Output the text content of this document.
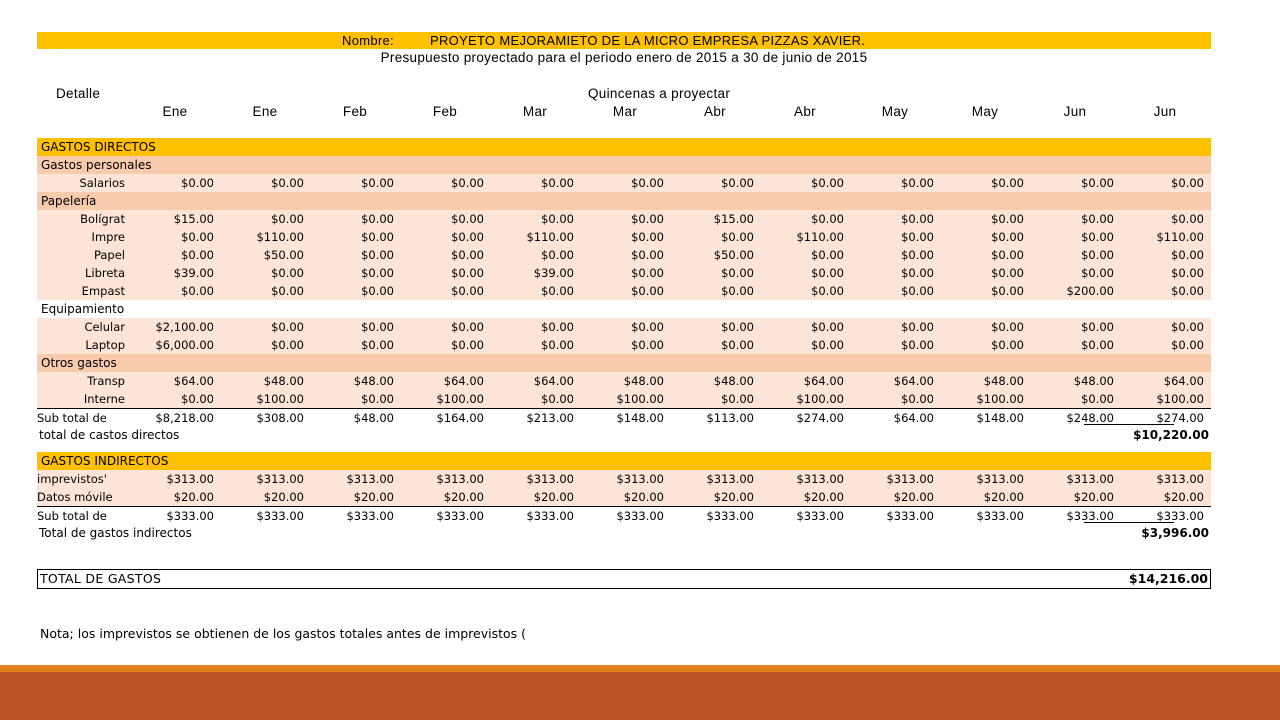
Nombre:	PROYETO MEJORAMIETO DE LA MICRO EMPRESA PIZZAS XAVIER.
Presupuesto proyectado para el periodo enero de 2015 a 30 de junio de 2015
Detalle	Quincenas a proyectar
Ene	Ene	Feb	Feb	Mar	Mar	Abr	Abr	May	May	Jun	Jun
GASTOS DIRECTOS
Gastos personales
Salarios	$0.00	$0.00	$0.00	$0.00	$0.00	$0.00	$0.00	$0.00	$0.00	$0.00	$0.00	$0.00
Papelería
Bolígrat	$15.00	$0.00	$0.00	$0.00	$0.00	$0.00	$15.00	$0.00	$0.00	$0.00	$0.00	$0.00
Impre	$0.00	$110.00	$0.00	$0.00	$110.00	$0.00	$0.00	$110.00	$0.00	$0.00	$0.00	$110.00
Papel	$0.00	$50.00	$0.00	$0.00	$0.00	$0.00	$50.00	$0.00	$0.00	$0.00	$0.00	$0.00
Libreta	$39.00	$0.00	$0.00	$0.00	$39.00	$0.00	$0.00	$0.00	$0.00	$0.00	$0.00	$0.00
Empast	$0.00	$0.00	$0.00	$0.00	$0.00	$0.00	$0.00	$0.00	$0.00	$0.00	$200.00	$0.00
Equipamiento
Celular	$2,100.00	$0.00	$0.00	$0.00	$0.00	$0.00	$0.00	$0.00	$0.00	$0.00	$0.00	$0.00
Laptop	$6,000.00	$0.00	$0.00	$0.00	$0.00	$0.00	$0.00	$0.00	$0.00	$0.00	$0.00	$0.00
Otros gastos
Transp	$64.00	$48.00	$48.00	$64.00	$64.00	$48.00	$48.00	$64.00	$64.00	$48.00	$48.00	$64.00
Interne	$0.00	$100.00	$0.00	$100.00	$0.00	$100.00	$0.00	$100.00	$0.00	$100.00	$0.00	$100.00
Sub total de	$8,218.00	$308.00	$48.00	$164.00	$213.00	$148.00	$113.00	$274.00	$64.00	$148.00	$248.00	$274.00
total de castos directos	$10,220.00
GASTOS INDIRECTOS
imprevistos'	$313.00	$313.00	$313.00	$313.00	$313.00	$313.00	$313.00	$313.00	$313.00	$313.00	$313.00	$313.00
Datos móvile	$20.00	$20.00	$20.00	$20.00	$20.00	$20.00	$20.00	$20.00	$20.00	$20.00	$20.00	$20.00
Sub total de	$333.00	$333.00	$333.00	$333.00	$333.00	$333.00	$333.00	$333.00	$333.00	$333.00	$333.00	$333.00
Total de gastos indirectos	$3,996.00
TOTAL DE GASTOS	$14,216.00
Nota; los imprevistos se obtienen de los gastos totales antes de imprevistos (
